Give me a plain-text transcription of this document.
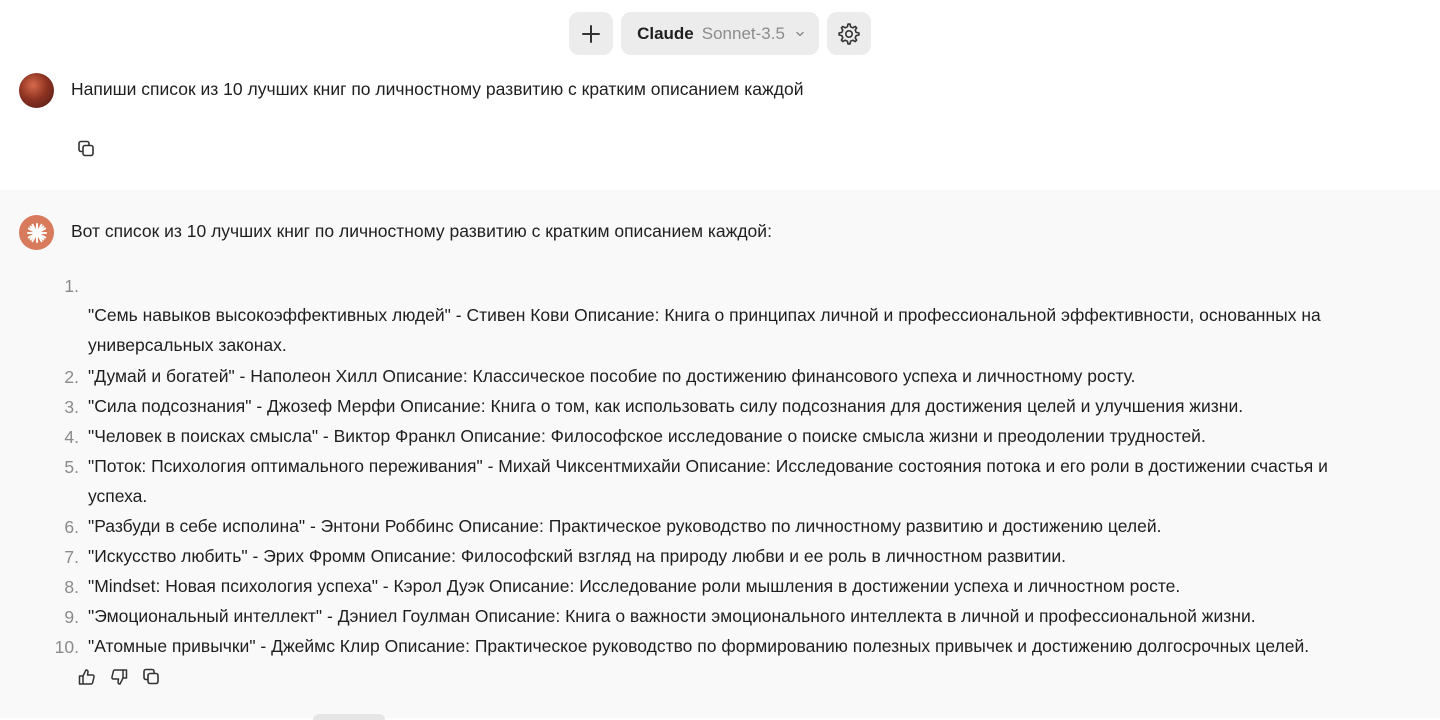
Claude Sonnet-3.5
Напиши список из 10 лучших книг по личностному развитию с кратким описанием каждой
Вот список из 10 лучших книг по личностному развитию с кратким описанием каждой:
1.
"Семь навыков высокоэффективных людей" - Стивен Кови Описание: Книга о принципах личной и профессиональной эффективности, основанных на универсальных законах.
2. "Думай и богатей" - Наполеон Хилл Описание: Классическое пособие по достижению финансового успеха и личностному росту.
3. "Сила подсознания" - Джозеф Мерфи Описание: Книга о том, как использовать силу подсознания для достижения целей и улучшения жизни.
4. "Человек в поисках смысла" - Виктор Франкл Описание: Философское исследование о поиске смысла жизни и преодолении трудностей.
5. "Поток: Психология оптимального переживания" - Михай Чиксентмихайи Описание: Исследование состояния потока и его роли в достижении счастья и успеха.
6. "Разбуди в себе исполина" - Энтони Роббинс Описание: Практическое руководство по личностному развитию и достижению целей.
7. "Искусство любить" - Эрих Фромм Описание: Философский взгляд на природу любви и ее роль в личностном развитии.
8. "Mindset: Новая психология успеха" - Кэрол Дуэк Описание: Исследование роли мышления в достижении успеха и личностном росте.
9. "Эмоциональный интеллект" - Дэниел Гоулман Описание: Книга о важности эмоционального интеллекта в личной и профессиональной жизни.
10. "Атомные привычки" - Джеймс Клир Описание: Практическое руководство по формированию полезных привычек и достижению долгосрочных целей.
